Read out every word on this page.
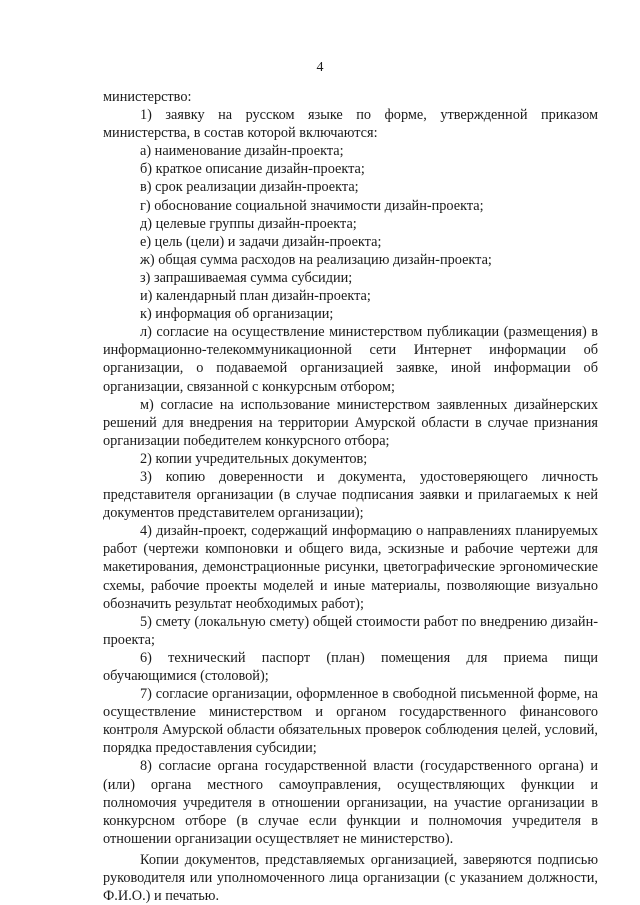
4

министерство:

1) заявку на русском языке по форме, утвержденной приказом министерства, в состав которой включаются:

а) наименование дизайн-проекта;

б) краткое описание дизайн-проекта;

в) срок реализации дизайн-проекта;

г) обоснование социальной значимости дизайн-проекта;

д) целевые группы дизайн-проекта;

е) цель (цели) и задачи дизайн-проекта;

ж) общая сумма расходов на реализацию дизайн-проекта;

з) запрашиваемая сумма субсидии;

и) календарный план дизайн-проекта;

к) информация об организации;

л) согласие на осуществление министерством публикации (размещения) в информационно-телекоммуникационной сети Интернет информации об организации, о подаваемой организацией заявке, иной информации об организации, связанной с конкурсным отбором;

м) согласие на использование министерством заявленных дизайнерских решений для внедрения на территории Амурской области в случае признания организации победителем конкурсного отбора;

2) копии учредительных документов;

3) копию доверенности и документа, удостоверяющего личность представителя организации (в случае подписания заявки и прилагаемых к ней документов представителем организации);

4) дизайн-проект, содержащий информацию о направлениях планируемых работ (чертежи компоновки и общего вида, эскизные и рабочие чертежи для макетирования, демонстрационные рисунки, цветографические эргономические схемы, рабочие проекты моделей и иные материалы, позволяющие визуально обозначить результат необходимых работ);

5) смету (локальную смету) общей стоимости работ по внедрению дизайн-проекта;

6) технический паспорт (план) помещения для приема пищи обучающимися (столовой);

7) согласие организации, оформленное в свободной письменной форме, на осуществление министерством и органом государственного финансового контроля Амурской области обязательных проверок соблюдения целей, условий, порядка предоставления субсидии;

8) согласие органа государственной власти (государственного органа) и (или) органа местного самоуправления, осуществляющих функции и полномочия учредителя в отношении организации, на участие организации в конкурсном отборе (в случае если функции и полномочия учредителя в отношении организации осуществляет не министерство).

Копии документов, представляемых организацией, заверяются подписью руководителя или уполномоченного лица организации (с указанием должности, Ф.И.О.) и печатью.
